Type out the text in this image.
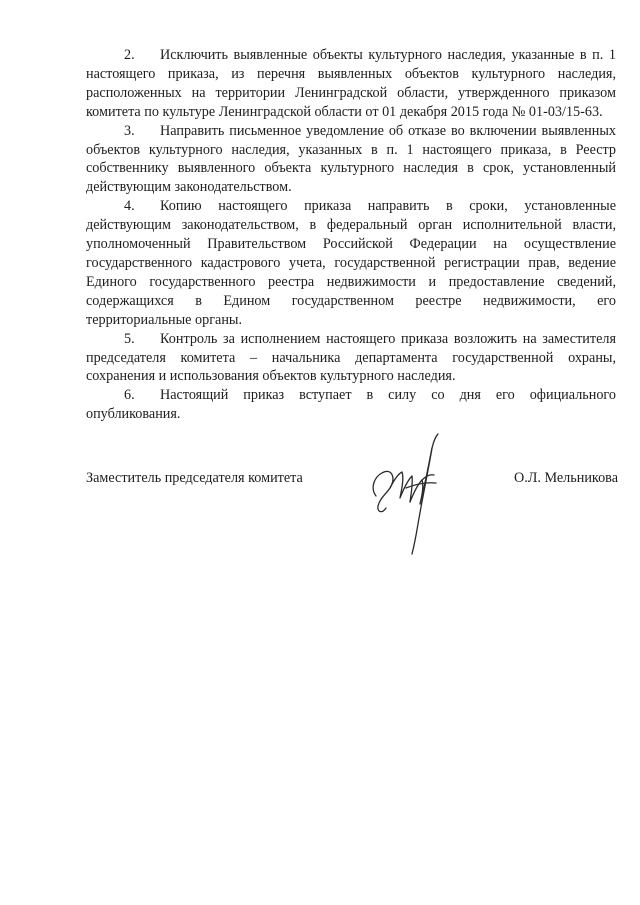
2. Исключить выявленные объекты культурного наследия, указанные в п. 1 настоящего приказа, из перечня выявленных объектов культурного наследия, расположенных на территории Ленинградской области, утвержденного приказом комитета по культуре Ленинградской области от 01 декабря 2015 года № 01-03/15-63.

3. Направить письменное уведомление об отказе во включении выявленных объектов культурного наследия, указанных в п. 1 настоящего приказа, в Реестр собственнику выявленного объекта культурного наследия в срок, установленный действующим законодательством.

4. Копию настоящего приказа направить в сроки, установленные действующим законодательством, в федеральный орган исполнительной власти, уполномоченный Правительством Российской Федерации на осуществление государственного кадастрового учета, государственной регистрации прав, ведение Единого государственного реестра недвижимости и предоставление сведений, содержащихся в Едином государственном реестре недвижимости, его территориальные органы.

5. Контроль за исполнением настоящего приказа возложить на заместителя председателя комитета – начальника департамента государственной охраны, сохранения и использования объектов культурного наследия.

6. Настоящий приказ вступает в силу со дня его официального опубликования.

Заместитель председателя комитета	О.Л. Мельникова
